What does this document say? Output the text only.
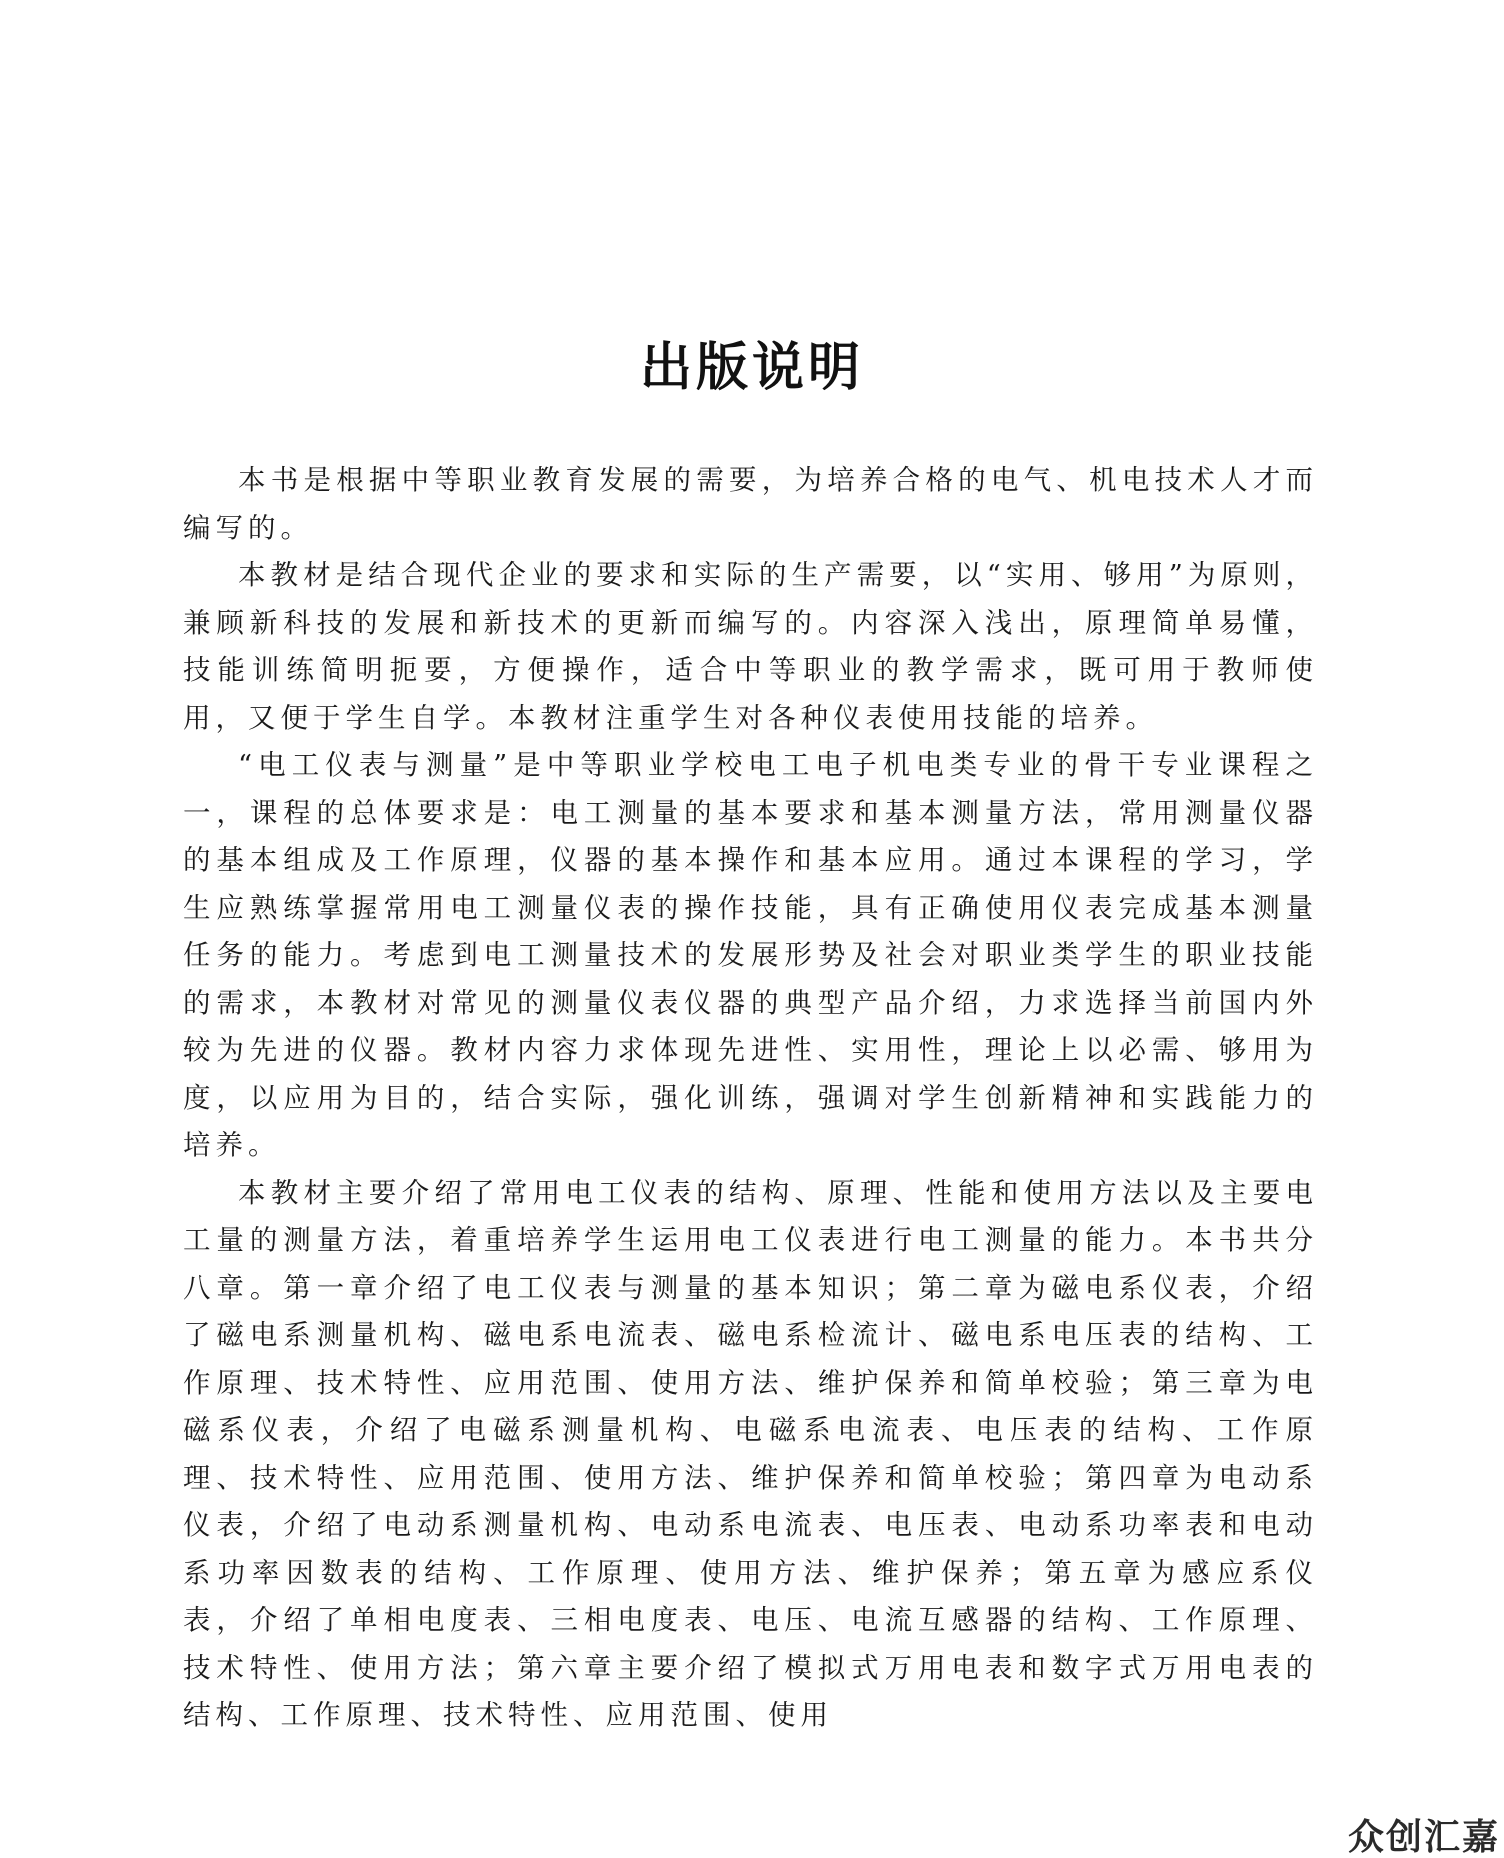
出版说明

本书是根据中等职业教育发展的需要，为培养合格的电气、机电技术人才而编写的。

本教材是结合现代企业的要求和实际的生产需要，以“实用、够用”为原则，兼顾新科技的发展和新技术的更新而编写的。内容深入浅出，原理简单易懂，技能训练简明扼要，方便操作，适合中等职业的教学需求，既可用于教师使用，又便于学生自学。本教材注重学生对各种仪表使用技能的培养。

“电工仪表与测量”是中等职业学校电工电子机电类专业的骨干专业课程之一，课程的总体要求是：电工测量的基本要求和基本测量方法，常用测量仪器的基本组成及工作原理，仪器的基本操作和基本应用。通过本课程的学习，学生应熟练掌握常用电工测量仪表的操作技能，具有正确使用仪表完成基本测量任务的能力。考虑到电工测量技术的发展形势及社会对职业类学生的职业技能的需求，本教材对常见的测量仪表仪器的典型产品介绍，力求选择当前国内外较为先进的仪器。教材内容力求体现先进性、实用性，理论上以必需、够用为度，以应用为目的，结合实际，强化训练，强调对学生创新精神和实践能力的培养。

本教材主要介绍了常用电工仪表的结构、原理、性能和使用方法以及主要电工量的测量方法，着重培养学生运用电工仪表进行电工测量的能力。本书共分八章。第一章介绍了电工仪表与测量的基本知识；第二章为磁电系仪表，介绍了磁电系测量机构、磁电系电流表、磁电系检流计、磁电系电压表的结构、工作原理、技术特性、应用范围、使用方法、维护保养和简单校验；第三章为电磁系仪表，介绍了电磁系测量机构、电磁系电流表、电压表的结构、工作原理、技术特性、应用范围、使用方法、维护保养和简单校验；第四章为电动系仪表，介绍了电动系测量机构、电动系电流表、电压表、电动系功率表和电动系功率因数表的结构、工作原理、使用方法、维护保养；第五章为感应系仪表，介绍了单相电度表、三相电度表、电压、电流互感器的结构、工作原理、技术特性、使用方法；第六章主要介绍了模拟式万用电表和数字式万用电表的结构、工作原理、技术特性、应用范围、使用

众创汇嘉
